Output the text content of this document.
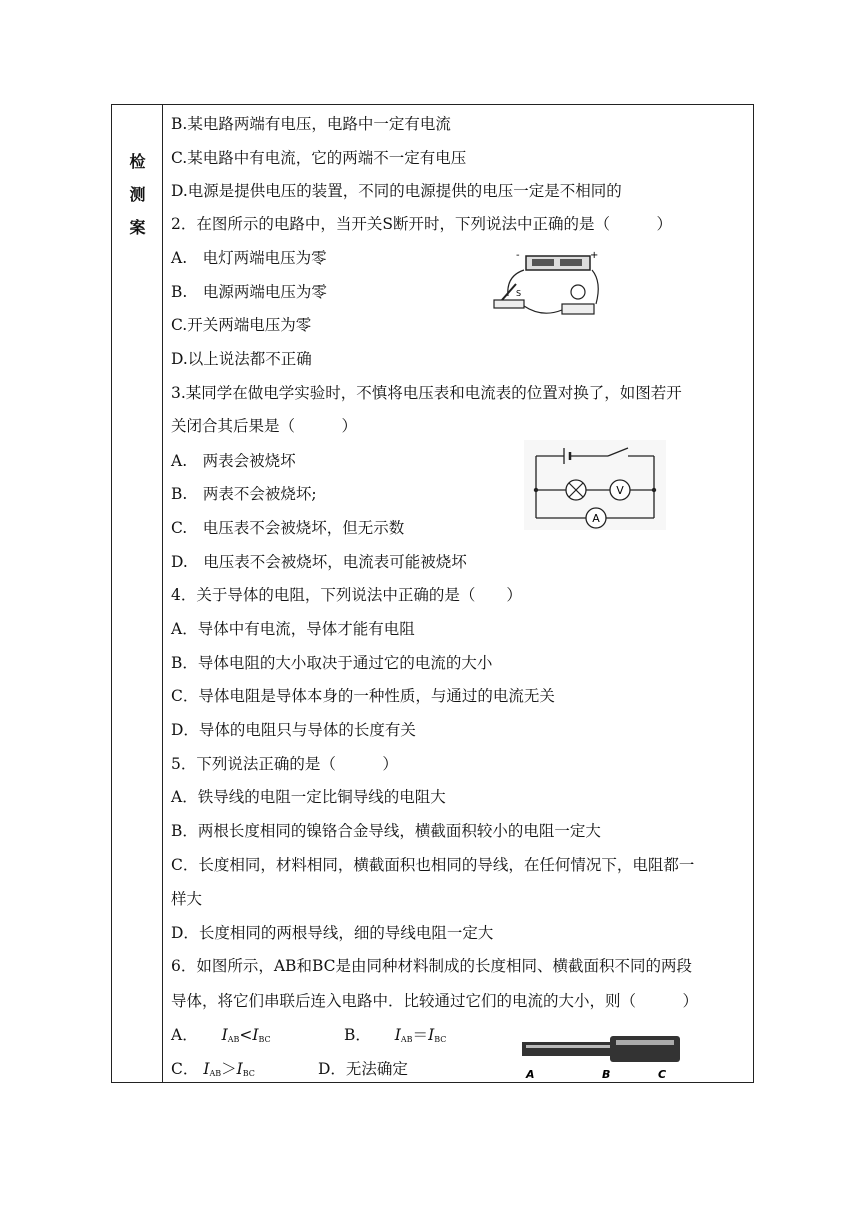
检
测
案
B.某电路两端有电压，电路中一定有电流
C.某电路中有电流，它的两端不一定有电压
D.电源是提供电压的装置，不同的电源提供的电压一定是不相同的
2．在图所示的电路中，当开关S断开时，下列说法中正确的是（　　　）
A.　电灯两端电压为零
B.　电源两端电压为零
C.开关两端电压为零
D.以上说法都不正确
3.某同学在做电学实验时，不慎将电压表和电流表的位置对换了，如图若开
关闭合其后果是（　　　）
A.　两表会被烧坏
B.　两表不会被烧坏;
C.　电压表不会被烧坏，但无示数
D.　电压表不会被烧坏，电流表可能被烧坏
4．关于导体的电阻，下列说法中正确的是（　　）
A．导体中有电流，导体才能有电阻
B．导体电阻的大小取决于通过它的电流的大小
C．导体电阻是导体本身的一种性质，与通过的电流无关
D．导体的电阻只与导体的长度有关
5．下列说法正确的是（　　　）
A．铁导线的电阻一定比铜导线的电阻大
B．两根长度相同的镍铬合金导线，横截面积较小的电阻一定大
C．长度相同，材料相同，横截面积也相同的导线，在任何情况下，电阻都一
样大
D．长度相同的两根导线，细的导线电阻一定大
6．如图所示，AB和BC是由同种材料制成的长度相同、横截面积不同的两段
导体，将它们串联后连入电路中．比较通过它们的电流的大小，则（　　　）
A． $I_{AB}<I_{BC}$	B． $I_{AB}=I_{BC}$
C． $I_{AB}>I_{BC}$	D．无法确定
-	+
S
V
A
A	B	C
